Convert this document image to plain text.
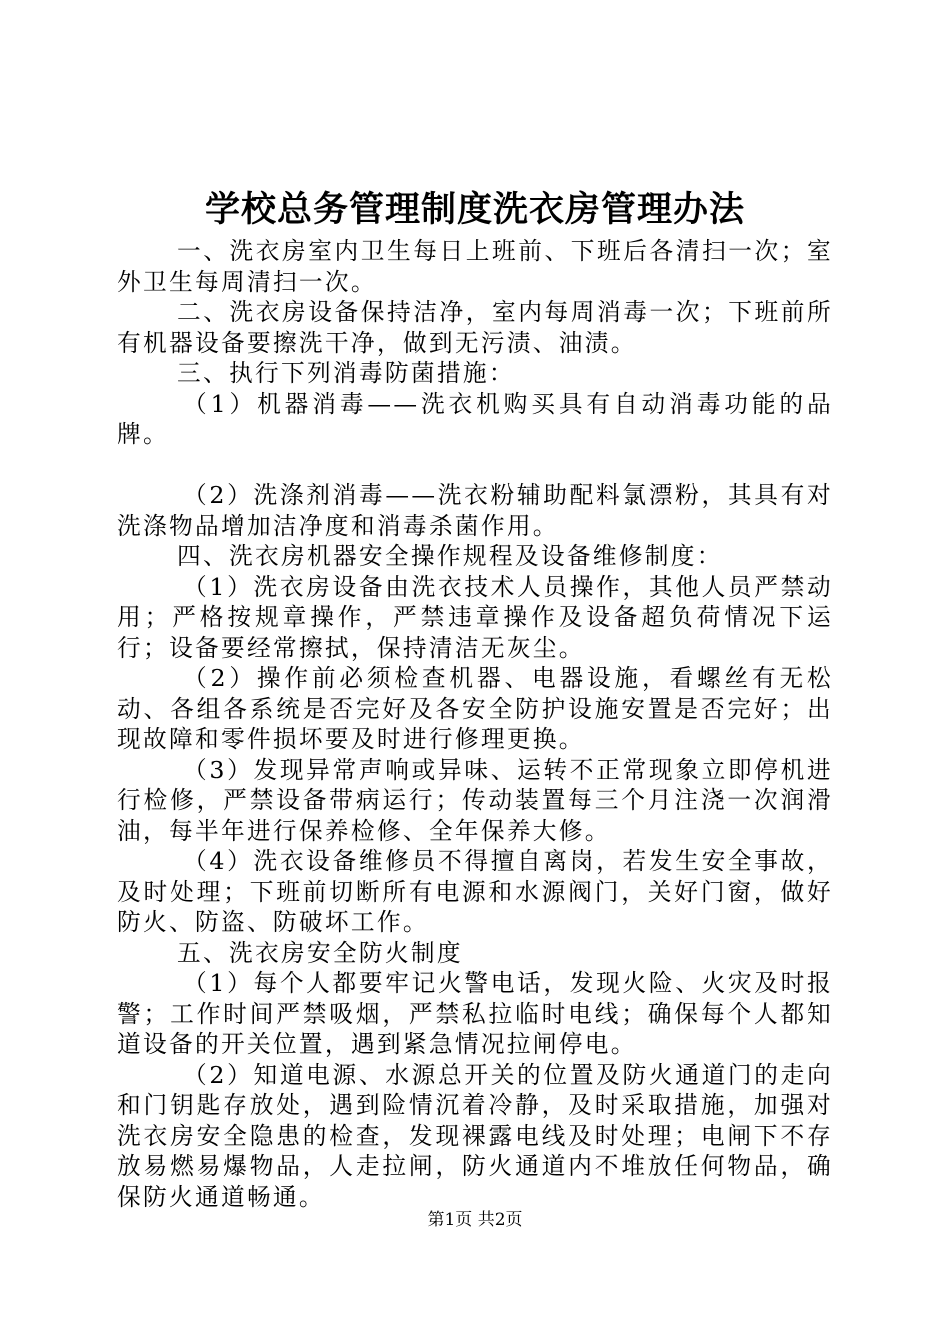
学校总务管理制度洗衣房管理办法

一、洗衣房室内卫生每日上班前、下班后各清扫一次；室外卫生每周清扫一次。

二、洗衣房设备保持洁净，室内每周消毒一次；下班前所有机器设备要擦洗干净，做到无污渍、油渍。

三、执行下列消毒防菌措施：

（1）机器消毒——洗衣机购买具有自动消毒功能的品牌。

（2）洗涤剂消毒——洗衣粉辅助配料氯漂粉，其具有对洗涤物品增加洁净度和消毒杀菌作用。

四、洗衣房机器安全操作规程及设备维修制度：

（1）洗衣房设备由洗衣技术人员操作，其他人员严禁动用；严格按规章操作，严禁违章操作及设备超负荷情况下运行；设备要经常擦拭，保持清洁无灰尘。

（2）操作前必须检查机器、电器设施，看螺丝有无松动、各组各系统是否完好及各安全防护设施安置是否完好；出现故障和零件损坏要及时进行修理更换。

（3）发现异常声响或异味、运转不正常现象立即停机进行检修，严禁设备带病运行；传动装置每三个月注浇一次润滑油，每半年进行保养检修、全年保养大修。

（4）洗衣设备维修员不得擅自离岗，若发生安全事故，及时处理；下班前切断所有电源和水源阀门，关好门窗，做好防火、防盗、防破坏工作。

五、洗衣房安全防火制度

（1）每个人都要牢记火警电话，发现火险、火灾及时报警；工作时间严禁吸烟，严禁私拉临时电线；确保每个人都知道设备的开关位置，遇到紧急情况拉闸停电。

（2）知道电源、水源总开关的位置及防火通道门的走向和门钥匙存放处，遇到险情沉着冷静，及时采取措施，加强对洗衣房安全隐患的检查，发现裸露电线及时处理；电闸下不存放易燃易爆物品，人走拉闸，防火通道内不堆放任何物品，确保防火通道畅通。

第1页 共2页
